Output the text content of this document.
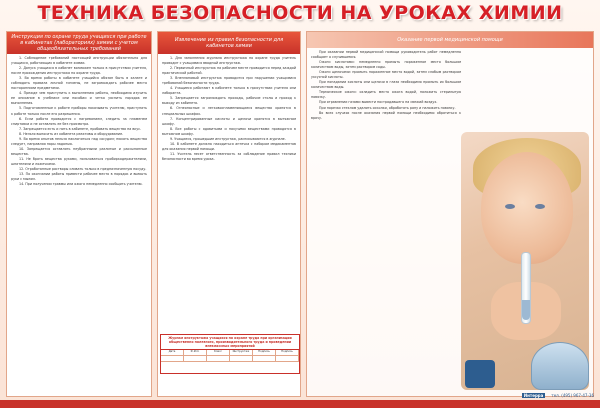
ТЕХНИКА БЕЗОПАСНОСТИ НА УРОКАХ ХИМИИ
Инструкция по охране труда учащихся при работе в кабинетах (лабораториях) химии с учетом общеобязательных требований

1. Соблюдение требований настоящей инструкции обязательно для учащихся, работающих в кабинете химии.

2. Допуск учащихся в кабинет возможен только в присутствии учителя, после прохождения инструктажа по охране труда.

3. Во время работы в кабинете учащийся обязан быть в халате и соблюдать правила личной гигиены, не загромождать рабочее место посторонними предметами.

4. Прежде чем приступить к выполнению работы, необходимо изучить ее описание в учебнике или пособии и четко уяснить порядок ее выполнения.

5. Подготовленные к работе приборы показывать учителю, приступать к работе только после его разрешения.

6. Если работа проводится с нагреванием, следить за пламенем спиртовки и не оставлять ее без присмотра.

7. Запрещается есть и пить в кабинете, пробовать вещества на вкус.

8. Нельзя выносить из кабинета реактивы и оборудование.

9. Во время опытов нельзя наклоняться над сосудом; нюхать вещества следует, направляя пары ладонью.

10. Запрещается оставлять неубранными разлитые и рассыпанные вещества.

11. Не брать вещества руками, пользоваться пробиркодержателями, шпателями и ложечками.

12. Отработанные растворы сливать только в предназначенную посуду.

13. По окончании работы привести рабочее место в порядок и вымыть руки с мылом.

14. При получении травмы или ожога немедленно сообщить учителю.

Извлечение из правил безопасности для кабинетов химии

1. Для заполнения журнала инструктажа по охране труда учитель проводит с учащимися вводный инструктаж.

2. Первичный инструктаж на рабочем месте проводится перед каждой практической работой.

3. Внеплановый инструктаж проводится при нарушении учащимися требований безопасности труда.

4. Учащиеся работают в кабинете только в присутствии учителя или лаборанта.

5. Запрещается загромождать проходы, рабочие столы и проход к выходу из кабинета.

6. Огнеопасные и легковоспламеняющиеся вещества хранятся в специальных шкафах.

7. Концентрированные кислоты и щелочи хранятся в вытяжном шкафу.

8. Все работы с ядовитыми и пахучими веществами проводятся в вытяжном шкафу.

9. Учащиеся, прошедшие инструктаж, расписываются в журнале.

10. В кабинете должна находиться аптечка с набором медикаментов для оказания первой помощи.

11. Учитель несет ответственность за соблюдение правил техники безопасности во время урока.

Журнал инструктажа учащихся по охране труда при организации общественно полезного, производительного труда и проведении внеклассных мероприятий
Дата	Ф.И.О.	Класс	Инструктаж	Подпись	Подпись
Оказание первой медицинской помощи

При оказании первой медицинской помощи руководитель работ немедленно сообщает о случившемся.

Ожоги кислотами: немедленно промыть пораженное место большим количеством воды, затем раствором соды.

Ожоги щелочами: промыть пораженное место водой, затем слабым раствором уксусной кислоты.

При попадании кислоты или щелочи в глаза необходимо промыть их большим количеством воды.

Термические ожоги: охладить место ожога водой, наложить стерильную повязку.

При отравлении газами вывести пострадавшего на свежий воздух.

При порезах стеклом удалить осколки, обработать рану и наложить повязку.

Во всех случаях после оказания первой помощи необходимо обратиться к врачу.

Интерра	тел. (495) 967-47-36
